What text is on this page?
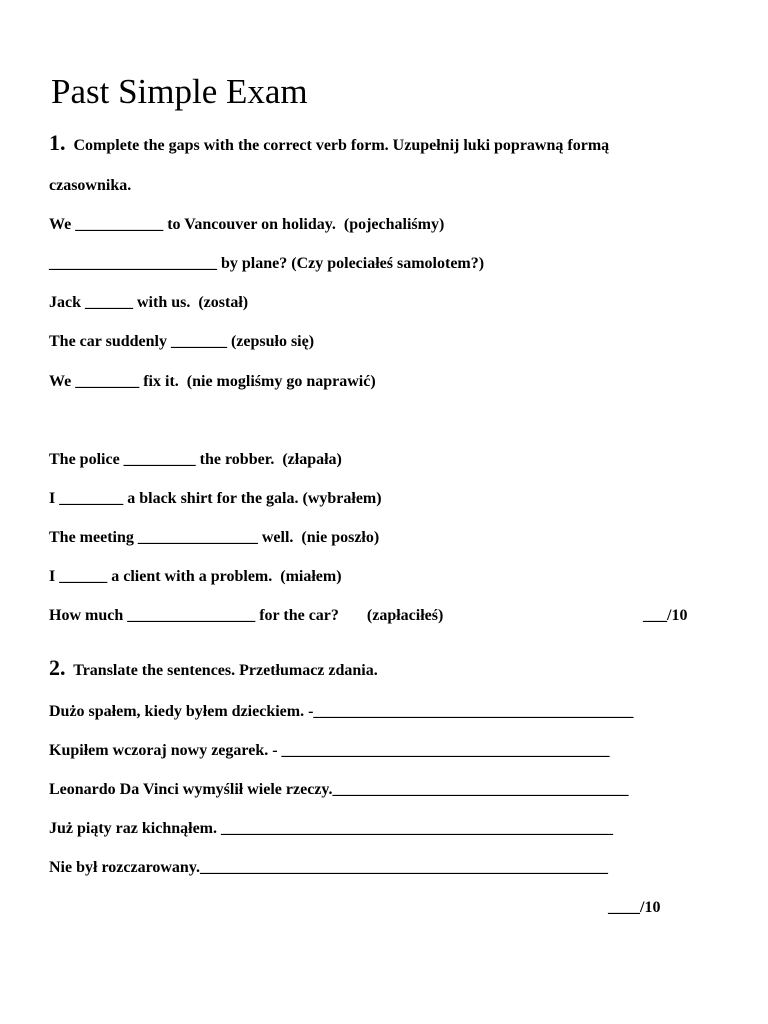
Past Simple Exam
1. Complete the gaps with the correct verb form. Uzupełnij luki poprawną formą
czasownika.
We ___________ to Vancouver on holiday.  (pojechaliśmy)
_____________________ by plane? (Czy poleciałeś samolotem?)
Jack ______ with us.  (został)
The car suddenly _______ (zepsuło się)
We ________ fix it.  (nie mogliśmy go naprawić)
The police _________ the robber.  (złapała)
I ________ a black shirt for the gala. (wybrałem)
The meeting _______________ well.  (nie poszło)
I ______ a client with a problem.  (miałem)
How much ________________ for the car?       (zapłaciłeś)	___/10
2. Translate the sentences. Przetłumacz zdania.
Dużo spałem, kiedy byłem dzieckiem. -________________________________________
Kupiłem wczoraj nowy zegarek. - _________________________________________
Leonardo Da Vinci wymyślił wiele rzeczy._____________________________________
Już piąty raz kichnąłem. _________________________________________________
Nie był rozczarowany.___________________________________________________
____/10
